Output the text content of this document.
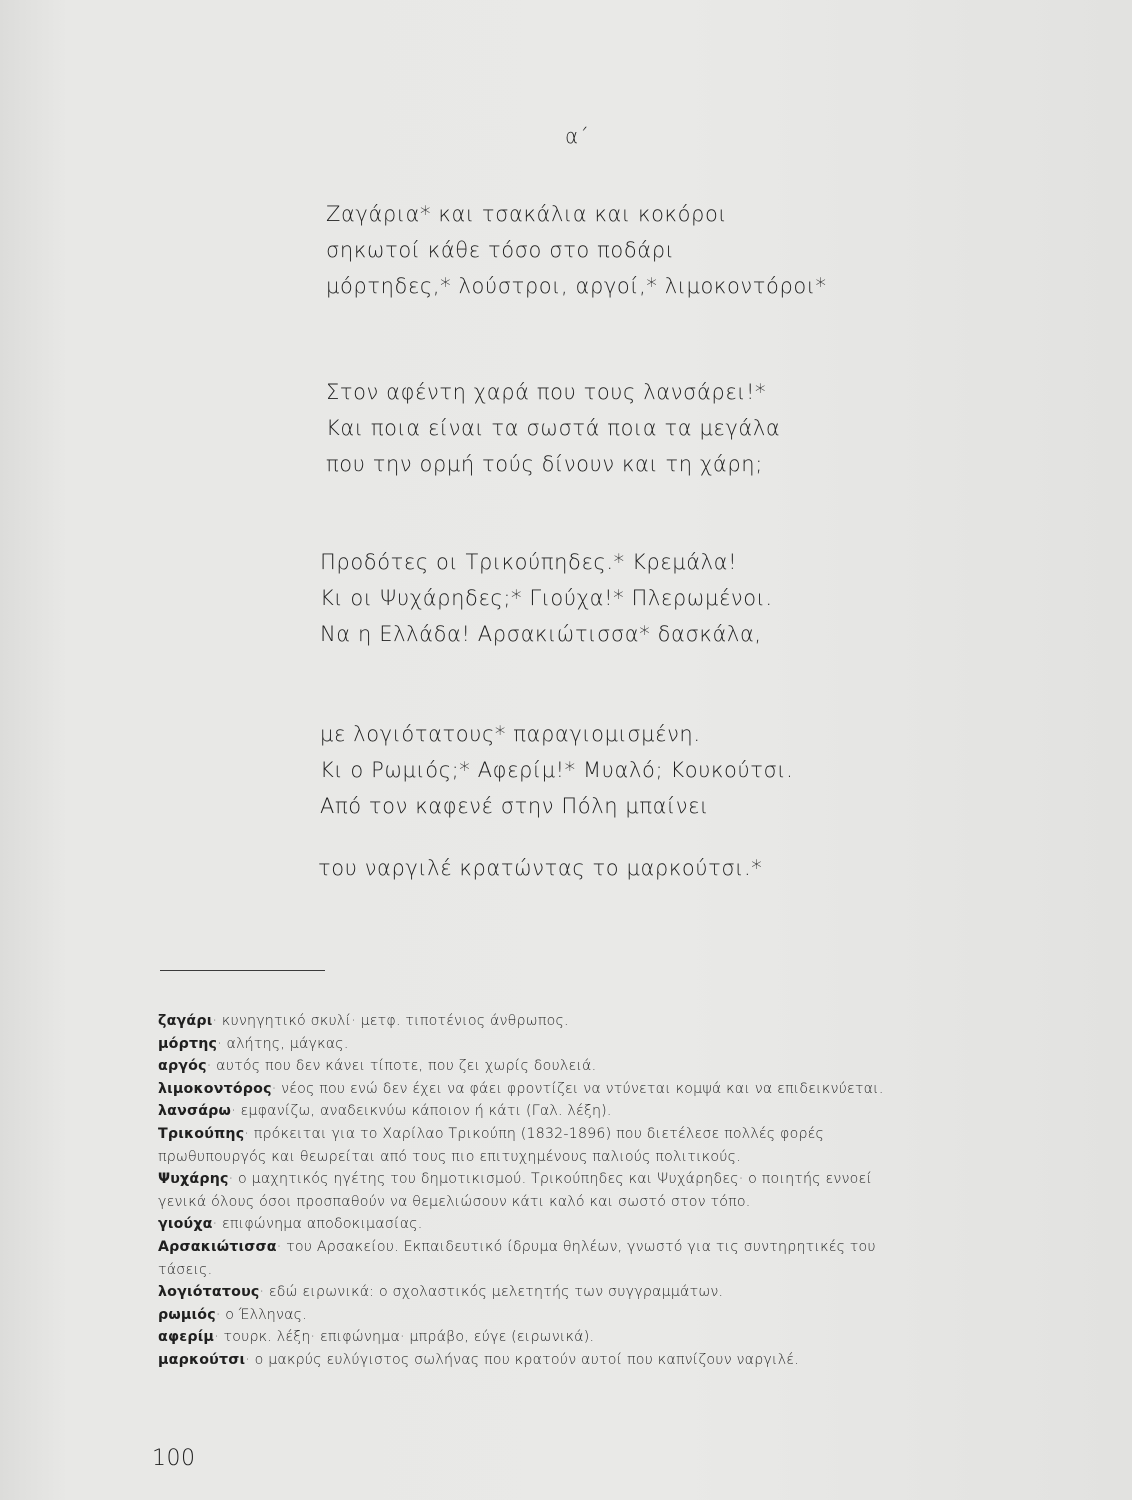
α΄
Ζαγάρια* και τσακάλια και κοκόροι
σηκωτοί κάθε τόσο στο ποδάρι
μόρτηδες,* λούστροι, αργοί,* λιμοκοντόροι*
Στον αφέντη χαρά που τους λανσάρει!*
Και ποια είναι τα σωστά ποια τα μεγάλα
που την ορμή τούς δίνουν και τη χάρη;
Προδότες οι Τρικούπηδες.* Κρεμάλα!
Κι οι Ψυχάρηδες;* Γιούχα!* Πλερωμένοι.
Να η Ελλάδα! Αρσακιώτισσα* δασκάλα,
με λογιότατους* παραγιομισμένη.
Κι ο Ρωμιός;* Αφερίμ!* Μυαλό; Κουκούτσι.
Από τον καφενέ στην Πόλη μπαίνει
του ναργιλέ κρατώντας το μαρκούτσι.*
ζαγάρι· κυνηγητικό σκυλί· μετφ. τιποτένιος άνθρωπος.
μόρτης· αλήτης, μάγκας.
αργός· αυτός που δεν κάνει τίποτε, που ζει χωρίς δουλειά.
λιμοκοντόρος· νέος που ενώ δεν έχει να φάει φροντίζει να ντύνεται κομψά και να επιδεικνύεται.
λανσάρω· εμφανίζω, αναδεικνύω κάποιον ή κάτι (Γαλ. λέξη).
Τρικούπης· πρόκειται για το Χαρίλαο Τρικούπη (1832-1896) που διετέλεσε πολλές φορές
πρωθυπουργός και θεωρείται από τους πιο επιτυχημένους παλιούς πολιτικούς.
Ψυχάρης· ο μαχητικός ηγέτης του δημοτικισμού. Τρικούπηδες και Ψυχάρηδες· ο ποιητής εννοεί
γενικά όλους όσοι προσπαθούν να θεμελιώσουν κάτι καλό και σωστό στον τόπο.
γιούχα· επιφώνημα αποδοκιμασίας.
Αρσακιώτισσα· του Αρσακείου. Εκπαιδευτικό ίδρυμα θηλέων, γνωστό για τις συντηρητικές του
τάσεις.
λογιότατους· εδώ ειρωνικά: ο σχολαστικός μελετητής των συγγραμμάτων.
ρωμιός· ο Έλληνας.
αφερίμ· τουρκ. λέξη· επιφώνημα· μπράβο, εύγε (ειρωνικά).
μαρκούτσι· ο μακρύς ευλύγιστος σωλήνας που κρατούν αυτοί που καπνίζουν ναργιλέ.
100
